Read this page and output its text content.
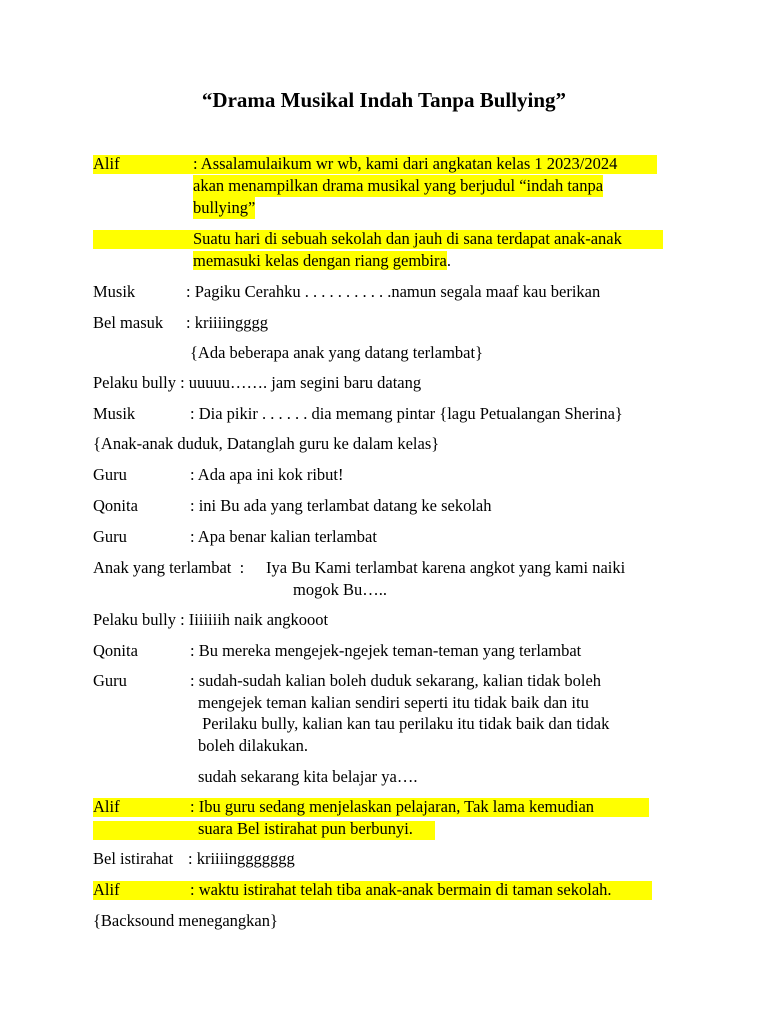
“Drama Musikal Indah Tanpa Bullying”
Alif	: Assalamulaikum wr wb, kami dari angkatan kelas 1 2023/2024
akan menampilkan drama musikal yang berjudul “indah tanpa
bullying”
Suatu hari di sebuah sekolah dan jauh di sana terdapat anak-anak
memasuki kelas dengan riang gembira.
Musik	: Pagiku Cerahku . . . . . . . . . . .namun segala maaf kau berikan
Bel masuk : kriiiingggg
{Ada beberapa anak yang datang terlambat}
Pelaku bully : uuuuu……. jam segini baru datang
Musik	: Dia pikir . . . . . . dia memang pintar {lagu Petualangan Sherina}
{Anak-anak duduk, Datanglah guru ke dalam kelas}
Guru	: Ada apa ini kok ribut!
Qonita	: ini Bu ada yang terlambat datang ke sekolah
Guru	: Apa benar kalian terlambat
Anak yang terlambat  : Iya Bu Kami terlambat karena angkot yang kami naiki
mogok Bu…..
Pelaku bully : Iiiiiiih naik angkooot
Qonita	: Bu mereka mengejek-ngejek teman-teman yang terlambat
Guru	: sudah-sudah kalian boleh duduk sekarang, kalian tidak boleh
mengejek teman kalian sendiri seperti itu tidak baik dan itu
Perilaku bully, kalian kan tau perilaku itu tidak baik dan tidak
boleh dilakukan.
sudah sekarang kita belajar ya….
Alif	: Ibu guru sedang menjelaskan pelajaran, Tak lama kemudian
suara Bel istirahat pun berbunyi.
Bel istirahat : kriiiinggggggg
Alif	: waktu istirahat telah tiba anak-anak bermain di taman sekolah.
{Backsound menegangkan}
